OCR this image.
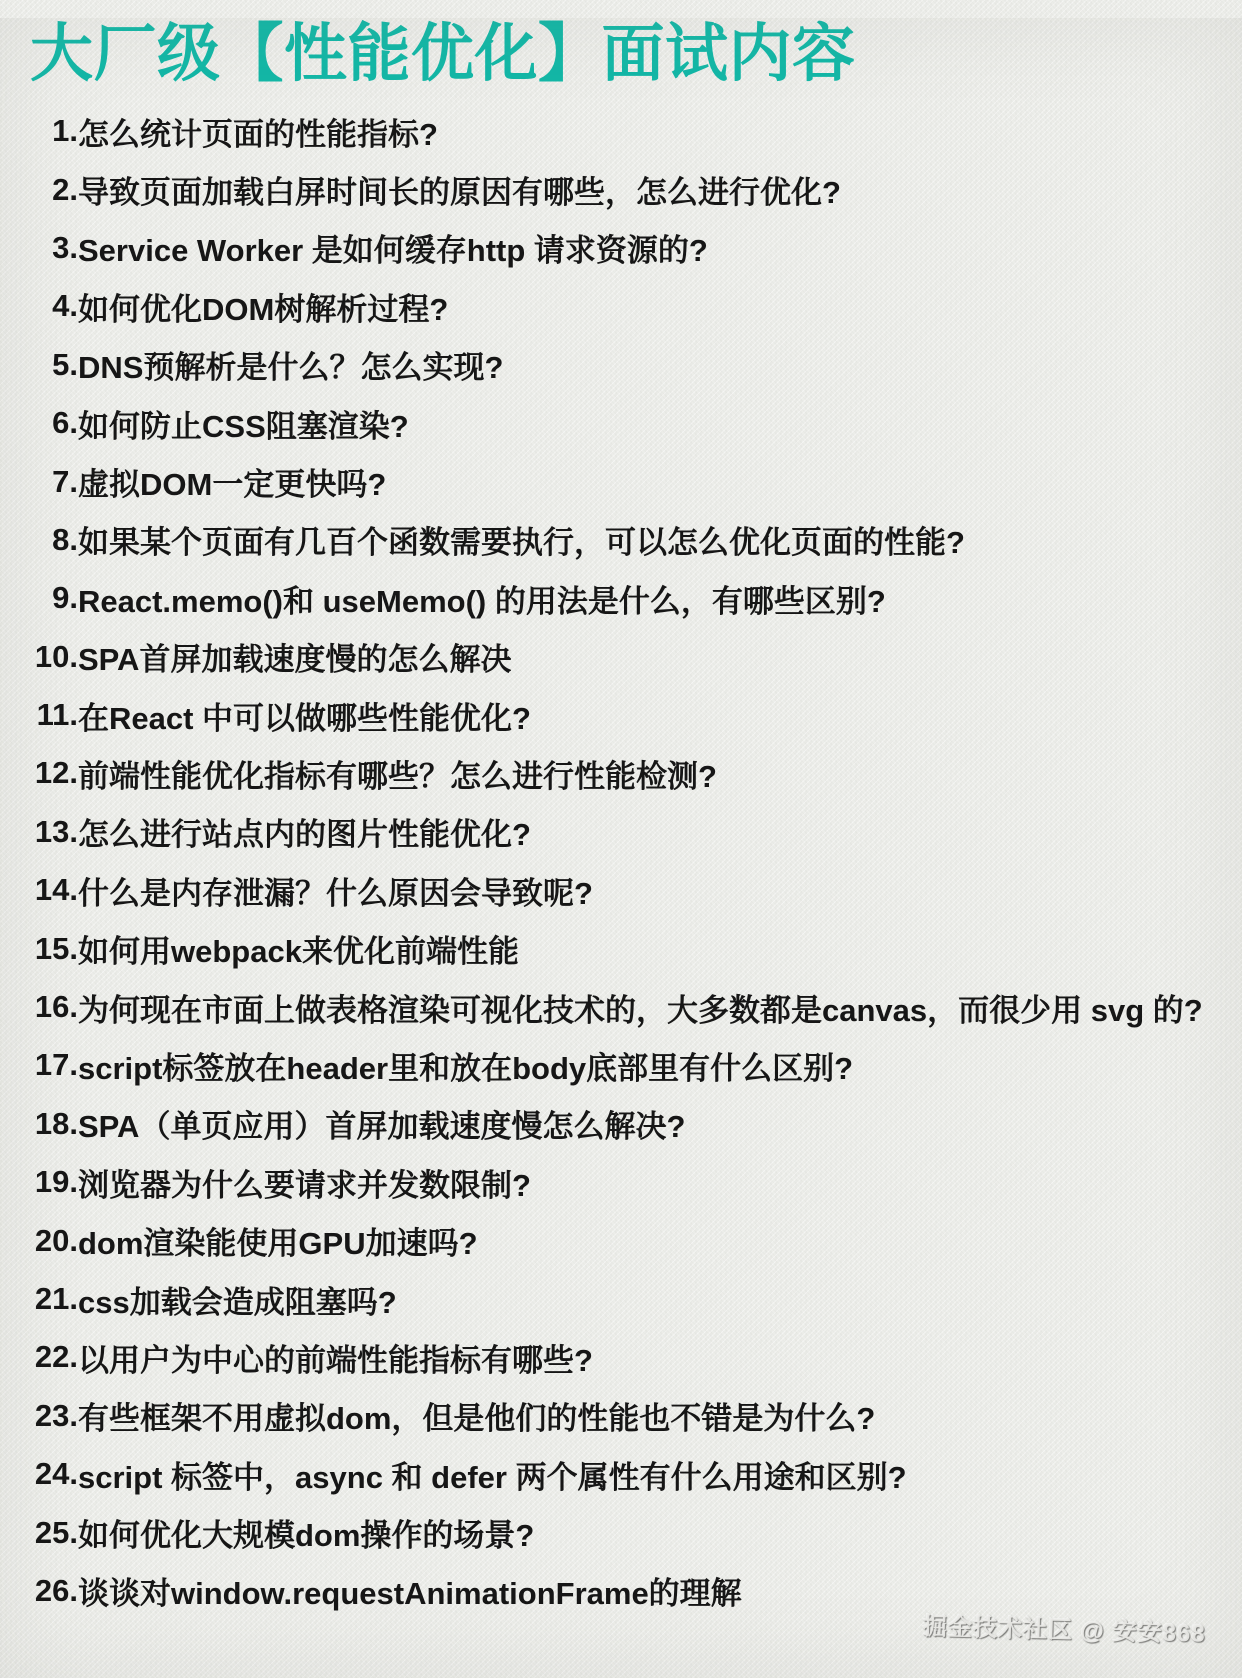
大厂级【性能优化】面试内容
1. 怎么统计页面的性能指标?
2. 导致页面加载白屏时间长的原因有哪些，怎么进行优化?
3. Service Worker 是如何缓存http 请求资源的?
4. 如何优化DOM树解析过程?
5. DNS预解析是什么？怎么实现?
6. 如何防止CSS阻塞渲染?
7. 虚拟DOM一定更快吗?
8. 如果某个页面有几百个函数需要执行，可以怎么优化页面的性能?
9. React.memo()和 useMemo() 的用法是什么，有哪些区别?
10. SPA首屏加载速度慢的怎么解决
11. 在React 中可以做哪些性能优化?
12. 前端性能优化指标有哪些？怎么进行性能检测?
13. 怎么进行站点内的图片性能优化?
14. 什么是内存泄漏？什么原因会导致呢?
15. 如何用webpack来优化前端性能
16. 为何现在市面上做表格渲染可视化技术的，大多数都是canvas，而很少用 svg 的?
17. script标签放在header里和放在body底部里有什么区别?
18. SPA（单页应用）首屏加载速度慢怎么解决?
19. 浏览器为什么要请求并发数限制?
20. dom渲染能使用GPU加速吗?
21. css加载会造成阻塞吗?
22. 以用户为中心的前端性能指标有哪些?
23. 有些框架不用虚拟dom，但是他们的性能也不错是为什么?
24. script 标签中，async 和 defer 两个属性有什么用途和区别?
25. 如何优化大规模dom操作的场景?
26. 谈谈对window.requestAnimationFrame的理解
掘金技术社区 @ 安安868
